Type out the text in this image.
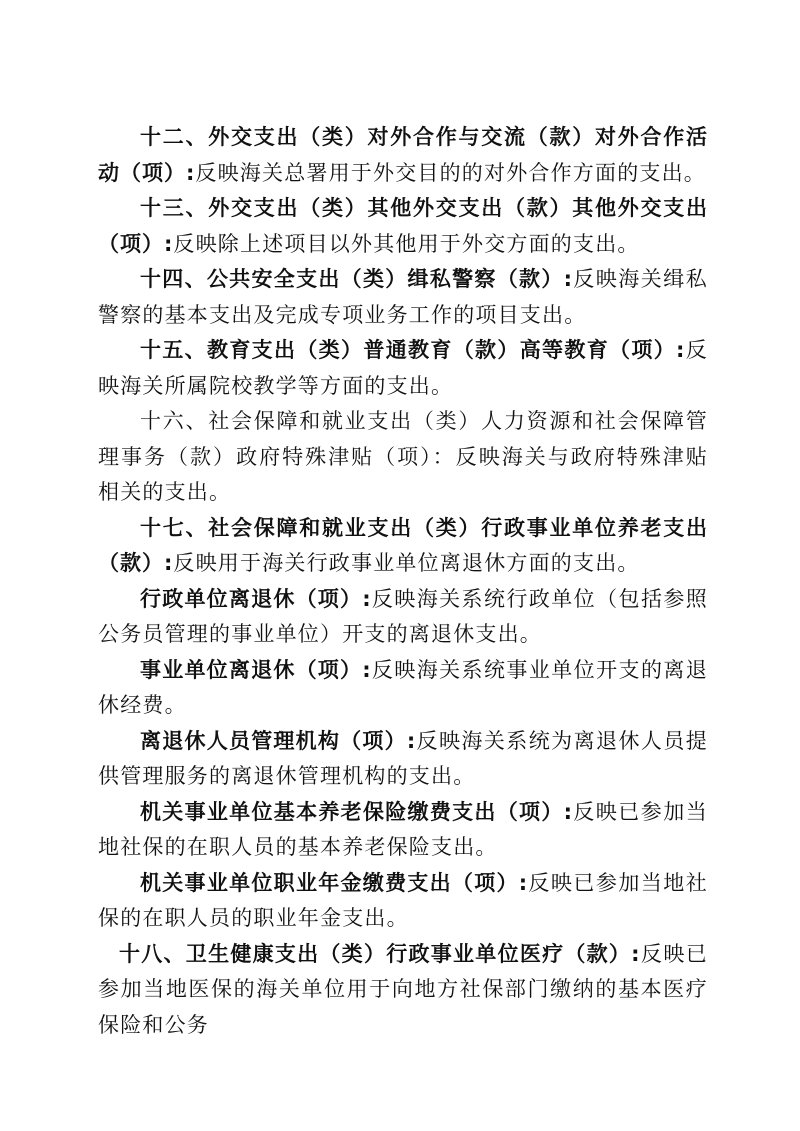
十二、外交支出（类）对外合作与交流（款）对外合作活动（项）:反映海关总署用于外交目的的对外合作方面的支出。

十三、外交支出（类）其他外交支出（款）其他外交支出（项）:反映除上述项目以外其他用于外交方面的支出。

十四、公共安全支出（类）缉私警察（款）:反映海关缉私警察的基本支出及完成专项业务工作的项目支出。

十五、教育支出（类）普通教育（款）高等教育（项）:反映海关所属院校教学等方面的支出。

十六、社会保障和就业支出（类）人力资源和社会保障管理事务（款）政府特殊津贴（项）：反映海关与政府特殊津贴相关的支出。

十七、社会保障和就业支出（类）行政事业单位养老支出（款）:反映用于海关行政事业单位离退休方面的支出。

行政单位离退休（项）:反映海关系统行政单位（包括参照公务员管理的事业单位）开支的离退休支出。

事业单位离退休（项）:反映海关系统事业单位开支的离退休经费。

离退休人员管理机构（项）:反映海关系统为离退休人员提供管理服务的离退休管理机构的支出。

机关事业单位基本养老保险缴费支出（项）:反映已参加当地社保的在职人员的基本养老保险支出。

机关事业单位职业年金缴费支出（项）:反映已参加当地社保的在职人员的职业年金支出。

十八、卫生健康支出（类）行政事业单位医疗（款）:反映已参加当地医保的海关单位用于向地方社保部门缴纳的基本医疗保险和公务
